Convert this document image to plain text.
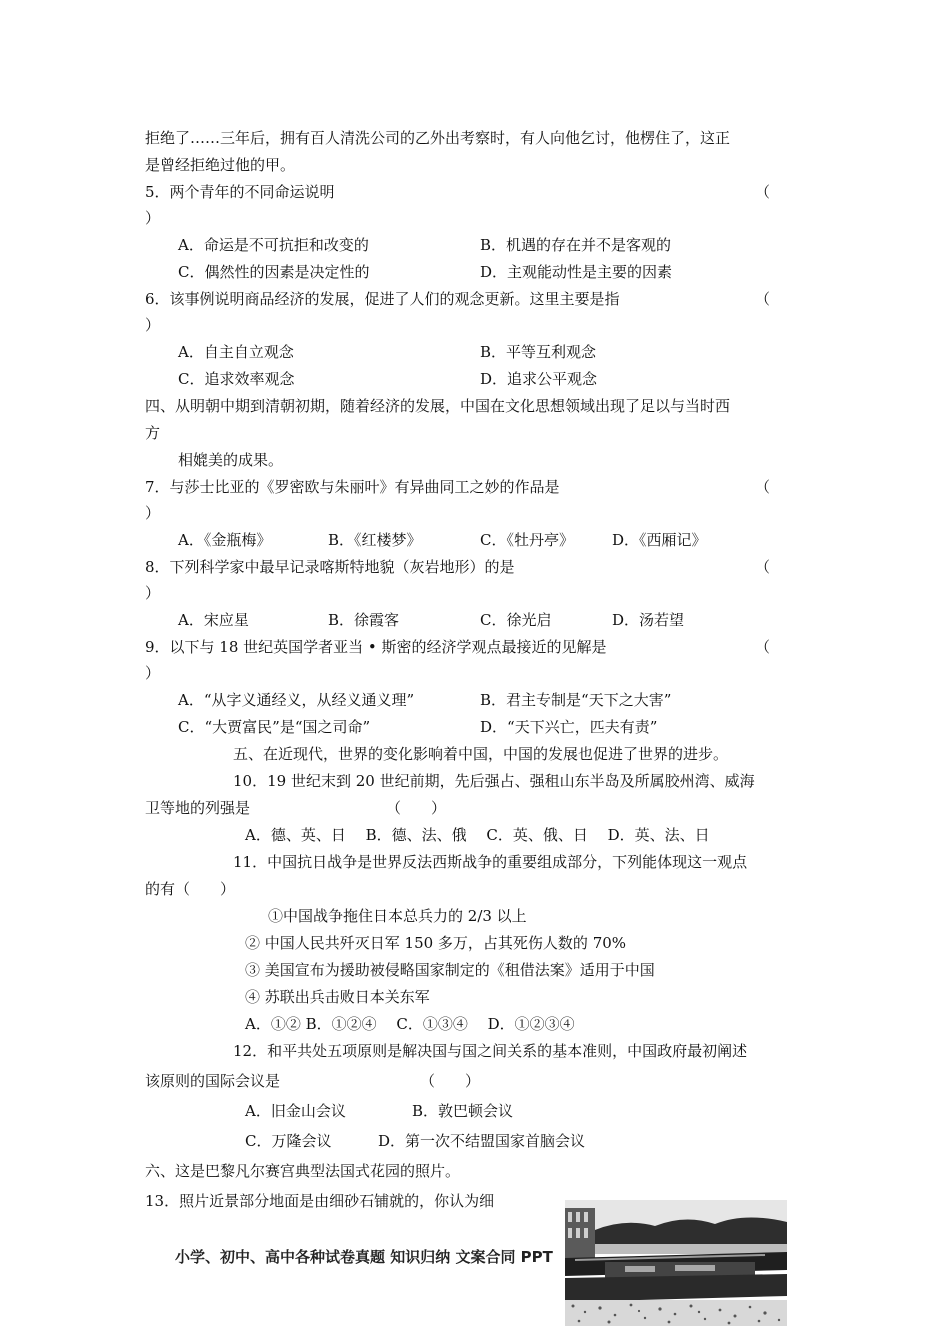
拒绝了……三年后，拥有百人清洗公司的乙外出考察时，有人向他乞讨，他楞住了，这正
是曾经拒绝过他的甲。
5．两个青年的不同命运说明	（
）
A．命运是不可抗拒和改变的	B．机遇的存在并不是客观的
C．偶然性的因素是决定性的	D．主观能动性是主要的因素
6．该事例说明商品经济的发展，促进了人们的观念更新。这里主要是指	（
）
A．自主自立观念	B．平等互利观念
C．追求效率观念	D．追求公平观念
四、从明朝中期到清朝初期，随着经济的发展，中国在文化思想领域出现了足以与当时西
方
相媲美的成果。
7．与莎士比亚的《罗密欧与朱丽叶》有异曲同工之妙的作品是	（
）
A．《金瓶梅》	B．《红楼梦》	C．《牡丹亭》	D．《西厢记》
8．下列科学家中最早记录喀斯特地貌（灰岩地形）的是	（
）
A．宋应星	B．徐霞客	C．徐光启	D．汤若望
9．以下与 18 世纪英国学者亚当 • 斯密的经济学观点最接近的见解是	（
）
A．“从字义通经义，从经义通义理”	B．君主专制是“天下之大害”
C．“大贾富民”是“国之司命”	D．“天下兴亡，匹夫有责”
五、在近现代，世界的变化影响着中国，中国的发展也促进了世界的进步。
10．19 世纪末到 20 世纪前期，先后强占、强租山东半岛及所属胶州湾、威海
卫等地的列强是	（　　）
A．德、英、日　 B．德、法、俄　 C．英、俄、日　 D．英、法、日
11．中国抗日战争是世界反法西斯战争的重要组成部分，下列能体现这一观点
的有（　　）
①中国战争拖住日本总兵力的 2/3 以上
② 中国人民共歼灭日军 150 多万，占其死伤人数的 70%
③ 美国宣布为援助被侵略国家制定的《租借法案》适用于中国
④ 苏联出兵击败日本关东军
A．①② B．①②④　 C．①③④　 D．①②③④
12．和平共处五项原则是解决国与国之间关系的基本准则，中国政府最初阐述
该原则的国际会议是	（　　）
A．旧金山会议	B．敦巴顿会议
C．万隆会议	D．第一次不结盟国家首脑会议
六、这是巴黎凡尔赛宫典型法国式花园的照片。
13．照片近景部分地面是由细砂石铺就的，你认为细
小学、初中、高中各种试卷真题 知识归纳 文案合同 PPT
